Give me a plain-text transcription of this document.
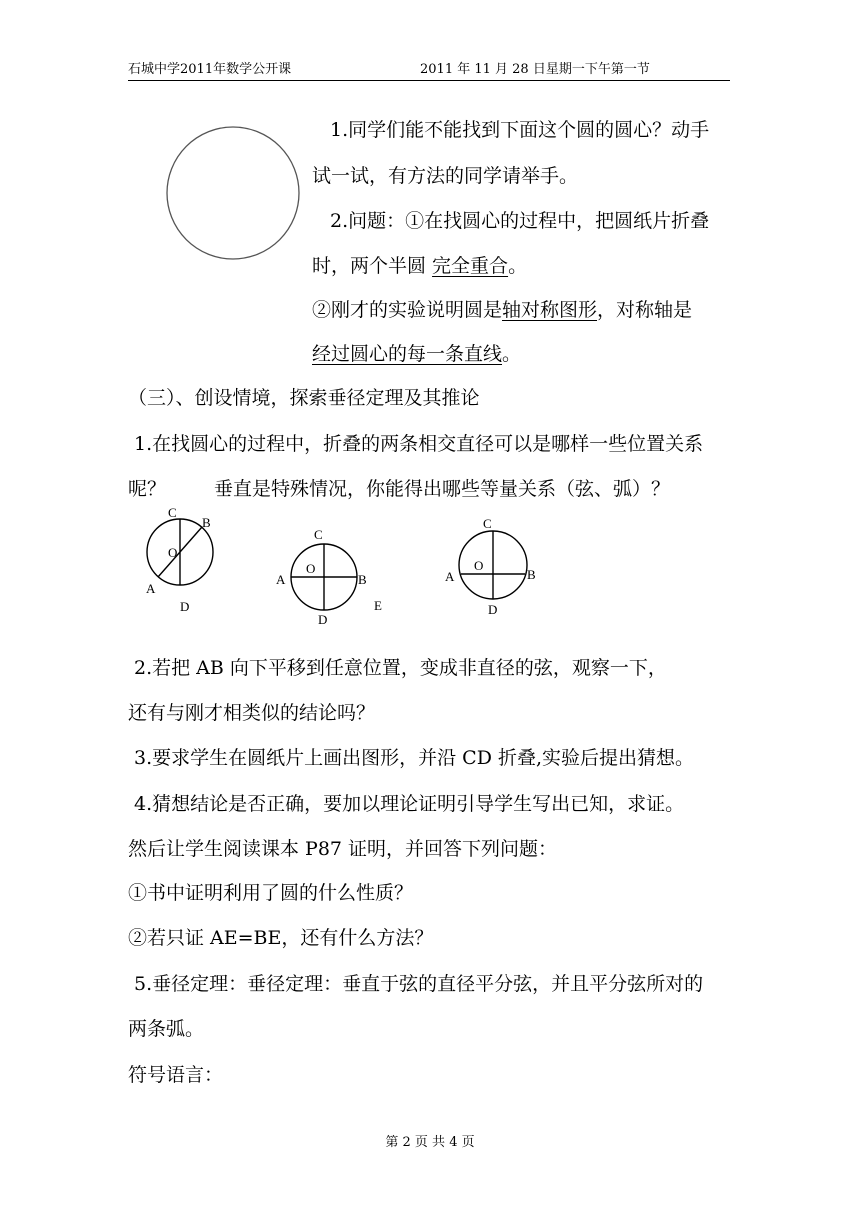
石城中学2011年数学公开课	2011 年 11 月 28 日星期一下午第一节
1.同学们能不能找到下面这个圆的圆心？动手
试一试，有方法的同学请举手。
2.问题：①在找圆心的过程中，把圆纸片折叠
时，两个半圆 完全重合。
②刚才的实验说明圆是轴对称图形，对称轴是
经过圆心的每一条直线。
（三）、创设情境，探索垂径定理及其推论
1.在找圆心的过程中，折叠的两条相交直径可以是哪样一些位置关系
呢？	垂直是特殊情况，你能得出哪些等量关系（弦、弧）？
C
B
O
A
D
C
O
A	B
D
E
C
O
A	B
D
2.若把 AB 向下平移到任意位置，变成非直径的弦，观察一下，
还有与刚才相类似的结论吗？
3.要求学生在圆纸片上画出图形，并沿 CD 折叠,实验后提出猜想。
4.猜想结论是否正确，要加以理论证明引导学生写出已知，求证。
然后让学生阅读课本 P87 证明，并回答下列问题：
①书中证明利用了圆的什么性质？
②若只证 AE=BE，还有什么方法？
5.垂径定理：垂径定理：垂直于弦的直径平分弦，并且平分弦所对的
两条弧。
符号语言：
第 2 页 共 4 页
